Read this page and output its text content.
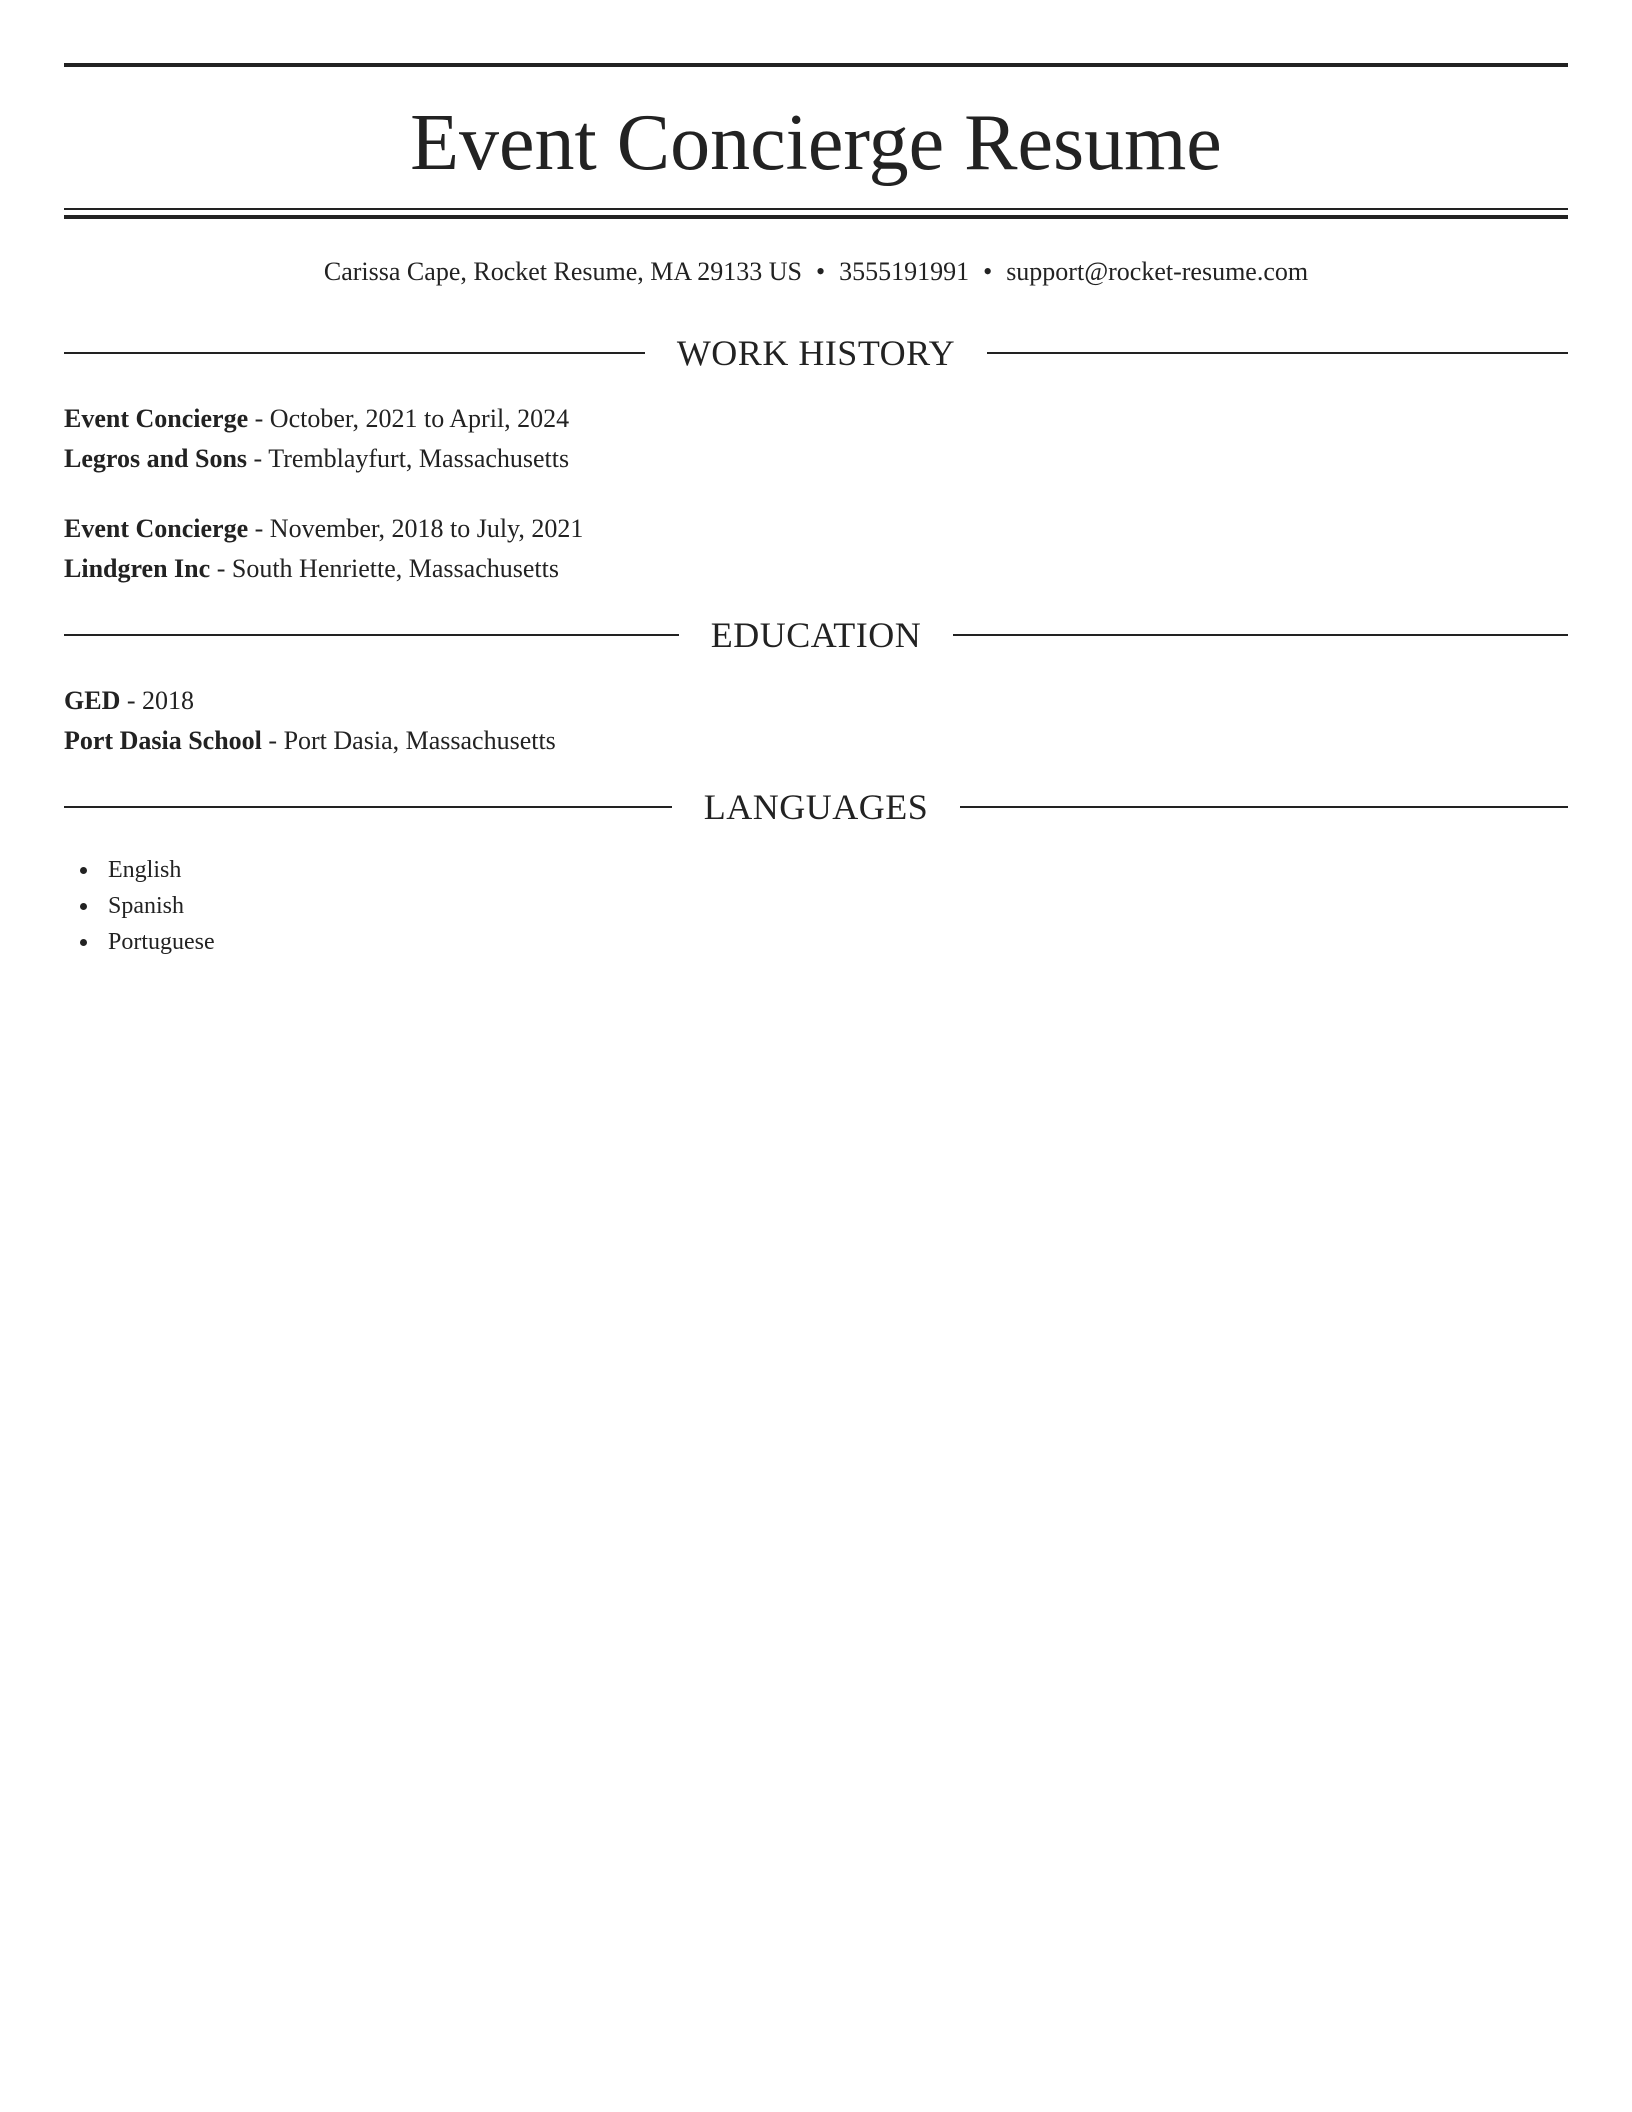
Event Concierge Resume
Carissa Cape, Rocket Resume, MA 29133 US • 3555191991 • support@rocket-resume.com
WORK HISTORY
Event Concierge - October, 2021 to April, 2024
Legros and Sons - Tremblayfurt, Massachusetts
Event Concierge - November, 2018 to July, 2021
Lindgren Inc - South Henriette, Massachusetts
EDUCATION
GED - 2018
Port Dasia School - Port Dasia, Massachusetts
LANGUAGES
English
Spanish
Portuguese
